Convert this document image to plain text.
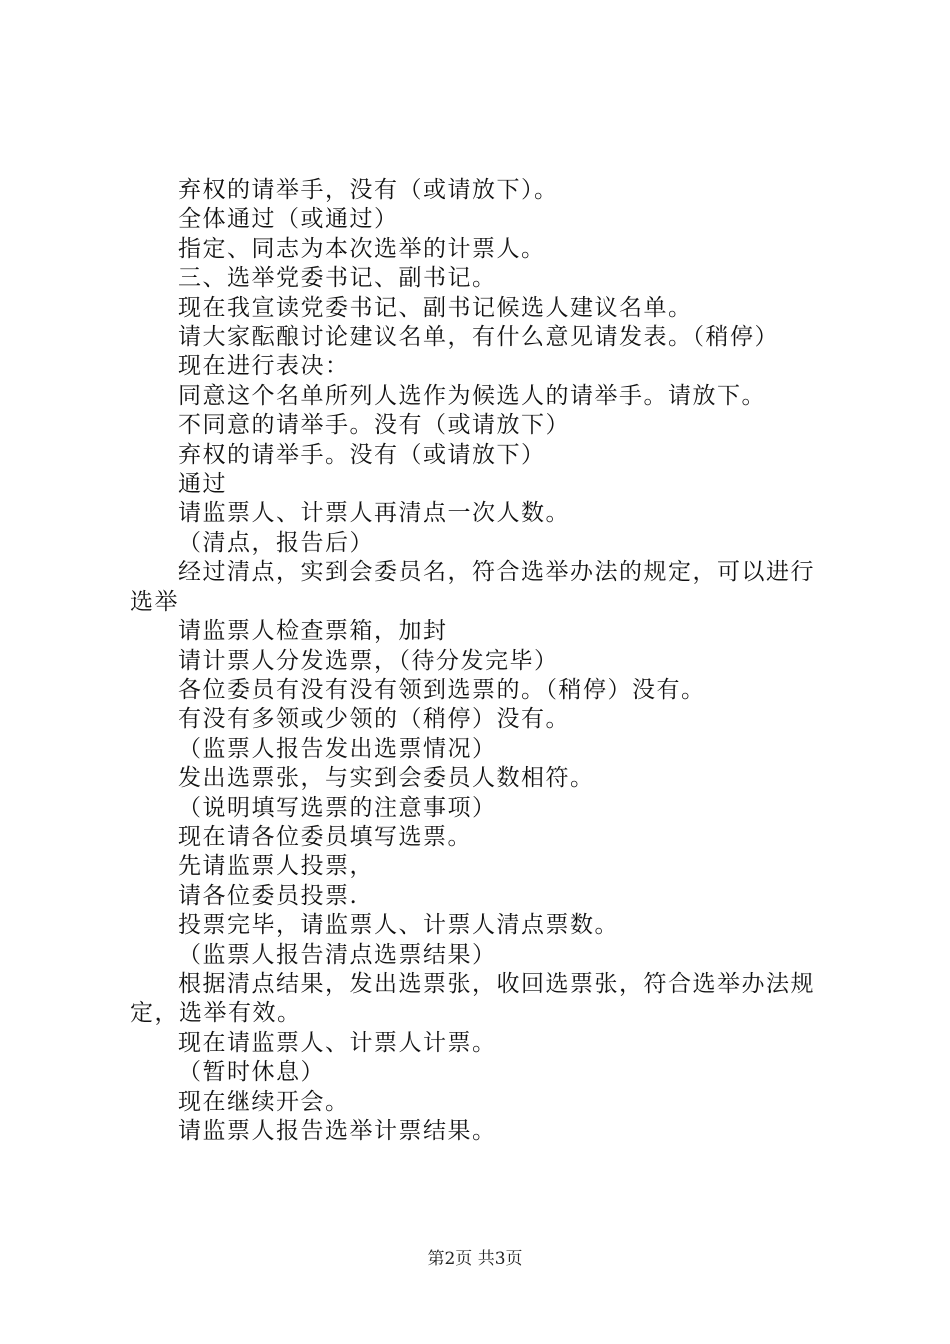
弃权的请举手，没有（或请放下）。

全体通过（或通过）

指定、同志为本次选举的计票人。

三、选举党委书记、副书记。

现在我宣读党委书记、副书记候选人建议名单。

请大家酝酿讨论建议名单，有什么意见请发表。（稍停）

现在进行表决：

同意这个名单所列人选作为候选人的请举手。请放下。

不同意的请举手。没有（或请放下）

弃权的请举手。没有（或请放下）

通过

请监票人、计票人再清点一次人数。

（清点，报告后）

经过清点，实到会委员名，符合选举办法的规定，可以进行选举

请监票人检查票箱，加封

请计票人分发选票，（待分发完毕）

各位委员有没有没有领到选票的。（稍停）没有。

有没有多领或少领的（稍停）没有。

（监票人报告发出选票情况）

发出选票张，与实到会委员人数相符。

（说明填写选票的注意事项）

现在请各位委员填写选票。

先请监票人投票，

请各位委员投票.

投票完毕，请监票人、计票人清点票数。

（监票人报告清点选票结果）

根据清点结果，发出选票张，收回选票张，符合选举办法规定，选举有效。

现在请监票人、计票人计票。

（暂时休息）

现在继续开会。

请监票人报告选举计票结果。

第2页 共3页
